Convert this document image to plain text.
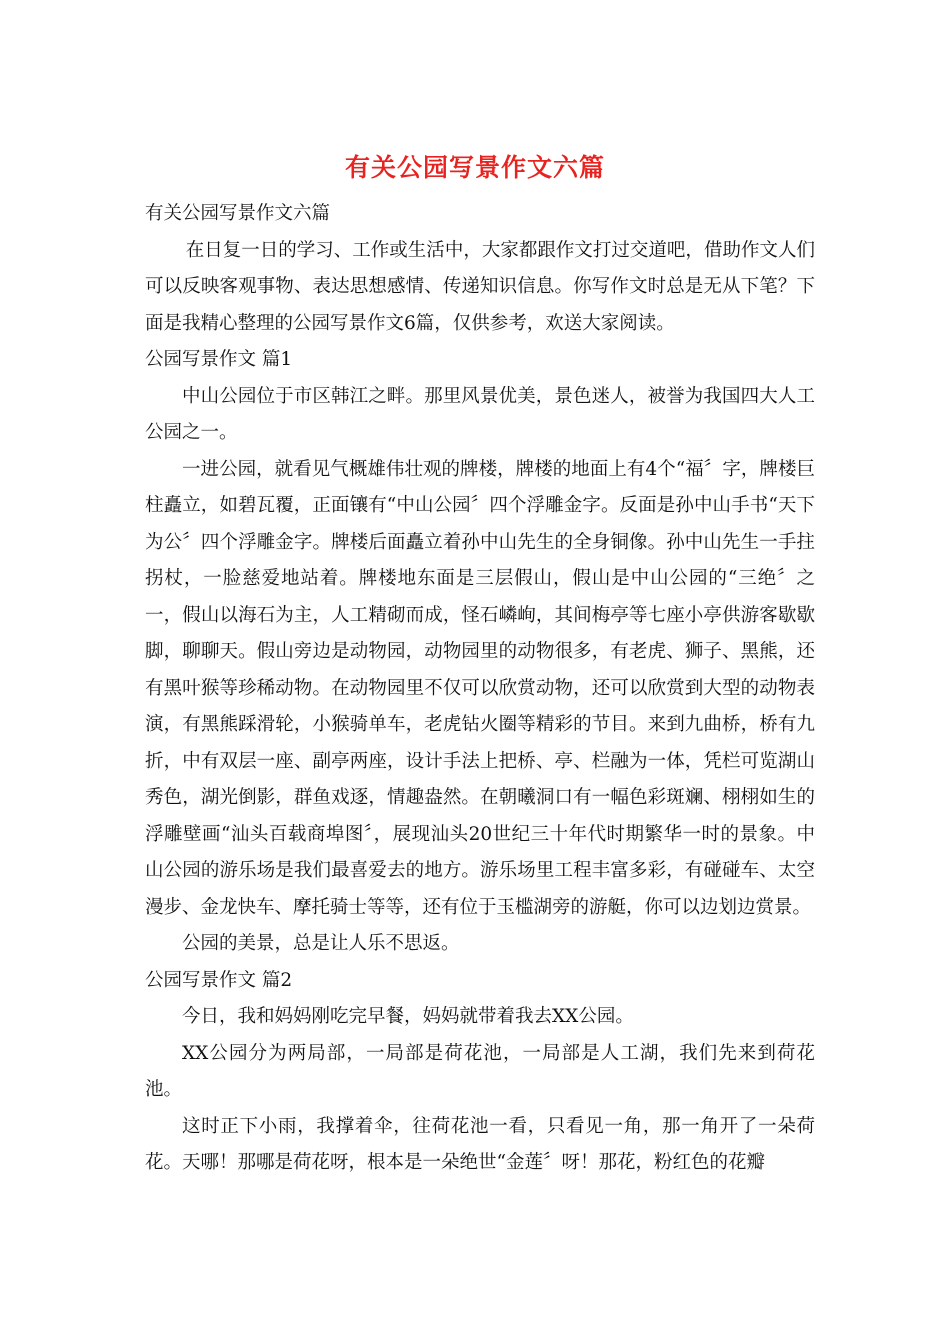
有关公园写景作文六篇

有关公园写景作文六篇

在日复一日的学习、工作或生活中，大家都跟作文打过交道吧，借助作文人们可以反映客观事物、表达思想感情、传递知识信息。你写作文时总是无从下笔？下面是我精心整理的公园写景作文6篇，仅供参考，欢送大家阅读。

公园写景作文 篇1

中山公园位于市区韩江之畔。那里风景优美，景色迷人，被誉为我国四大人工公园之一。

一进公园，就看见气概雄伟壮观的牌楼，牌楼的地面上有4个“福〞字，牌楼巨柱矗立，如碧瓦覆，正面镶有“中山公园〞四个浮雕金字。反面是孙中山手书“天下为公〞四个浮雕金字。牌楼后面矗立着孙中山先生的全身铜像。孙中山先生一手拄拐杖，一脸慈爱地站着。牌楼地东面是三层假山，假山是中山公园的“三绝〞之一，假山以海石为主，人工精砌而成，怪石嶙峋，其间梅亭等七座小亭供游客歇歇脚，聊聊天。假山旁边是动物园，动物园里的动物很多，有老虎、狮子、黑熊，还有黑叶猴等珍稀动物。在动物园里不仅可以欣赏动物，还可以欣赏到大型的动物表演，有黑熊踩滑轮，小猴骑单车，老虎钻火圈等精彩的节目。来到九曲桥，桥有九折，中有双层一座、副亭两座，设计手法上把桥、亭、栏融为一体，凭栏可览湖山秀色，湖光倒影，群鱼戏逐，情趣盎然。在朝曦洞口有一幅色彩斑斓、栩栩如生的浮雕壁画“汕头百载商埠图〞，展现汕头20世纪三十年代时期繁华一时的景象。中山公园的游乐场是我们最喜爱去的地方。游乐场里工程丰富多彩，有碰碰车、太空漫步、金龙快车、摩托骑士等等，还有位于玉槛湖旁的游艇，你可以边划边赏景。

公园的美景，总是让人乐不思返。

公园写景作文 篇2

今日，我和妈妈刚吃完早餐，妈妈就带着我去XX公园。

XX公园分为两局部，一局部是荷花池，一局部是人工湖，我们先来到荷花池。

这时正下小雨，我撑着伞，往荷花池一看，只看见一角，那一角开了一朵荷花。天哪！那哪是荷花呀，根本是一朵绝世“金莲〞呀！那花，粉红色的花瓣
